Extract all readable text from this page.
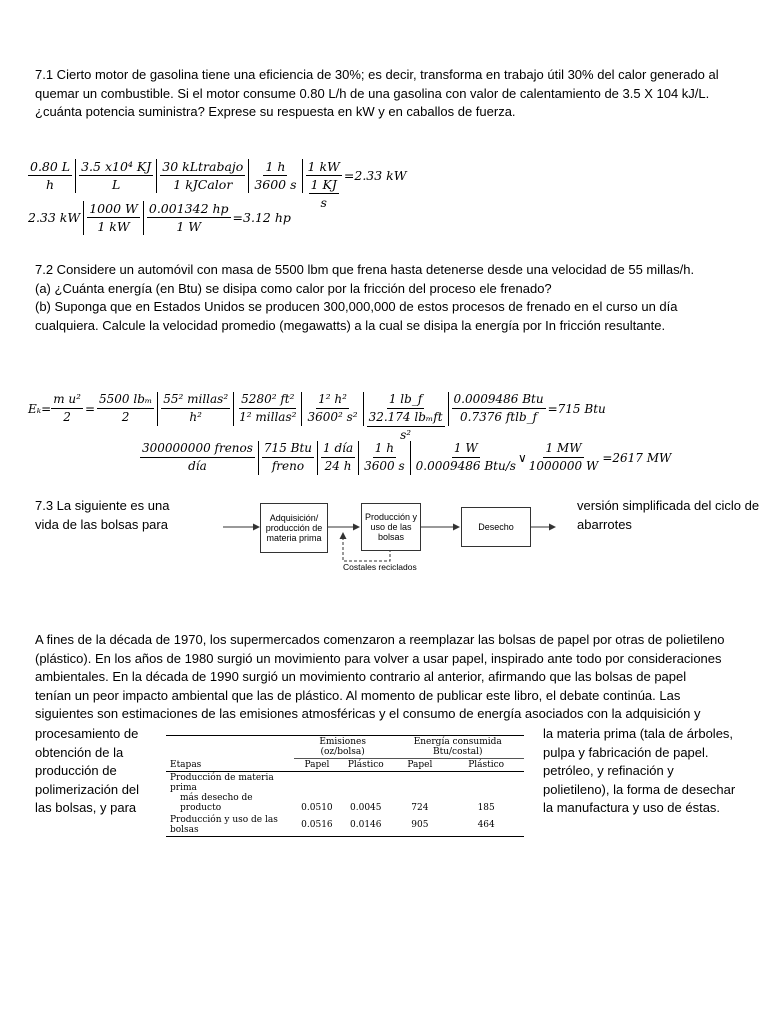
7.1 Cierto motor de gasolina tiene una eficiencia de 30%; es decir, transforma en trabajo útil 30% del calor generado al
quemar un combustible. Si el motor consume 0.80 L/h de una gasolina con valor de calentamiento de 3.5 X 104 kJ/L.
¿cuánta potencia suministra? Exprese su respuesta en kW y en caballos de fuerza.
$\frac{0.80 L}{h} \frac{\text{3.5 x10⁴ KJ}}{L} \frac{\text{30 kLtrabajo}}{\text{1 kJCalor}} \frac{1 h}{3600 s} \frac{1 kW}{\frac{1 KJ}{s}} =2.33$ kW
2.33 kW $\frac{1000 W}{1 kW} \frac{0.001342 hp}{1 W} =3.12$ hp
7.2 Considere un automóvil con masa de 5500 lbm que frena hasta detenerse desde una velocidad de 55 millas/h.
(a) ¿Cuánta energía (en Btu) se disipa como calor por la fricción del proceso ele frenado?
(b) Suponga que en Estados Unidos se producen 300,000,000 de estos procesos de frenado en el curso un día
cualquiera. Calcule la velocidad promedio (megawatts) a la cual se disipa la energía por In fricción resultante.
$E_k= \frac{\text{m u²}}{2} = \frac{\text{5500 lbₘ}}{2} \frac{\text{55² millas²}}{\text{h²}} \frac{\text{5280² ft²}}{\text{1² millas²}} \frac{\text{1² h²}}{\text{3600² s²}} \frac{1 lb\_f}{\frac{\text{32.174 lbₘft}}{\text{s²}}} \frac{\text{0.0009486 Btu}}{\text{0.7376 ftlb\_f}} =715$ Btu
$\frac{\text{300000000 frenos}}{\text{día}} \frac{\text{715 Btu}}{\text{freno}} \frac{\text{1 día}}{24 h} \frac{1 h}{3600 s} \frac{1 W}{\text{0.0009486 Btu/s}}$ ∨ $\frac{1 MW}{1000000 W} =2617$ MW
7.3 La siguiente es una
vida de las bolsas para
versión simplificada del ciclo de
abarrotes
Adquisición/ producción de materia prima
Producción y uso de las bolsas
Desecho
Costales reciclados
A fines de la década de 1970, los supermercados comenzaron a reemplazar las bolsas de papel por otras de polietileno
(plástico). En los años de 1980 surgió un movimiento para volver a usar papel, inspirado ante todo por consideraciones
ambientales. En la década de 1990 surgió un movimiento contrario al anterior, afirmando que las bolsas de papel
tenían un peor impacto ambiental que las de plástico. Al momento de publicar este libro, el debate continúa. Las
siguientes son estimaciones de las emisiones atmosféricas y el consumo de energía asociados con la adquisición y
procesamiento de
obtención de la
producción de
polimerización del
las bolsas, y para
la materia prima (tala de árboles,
pulpa y fabricación de papel.
petróleo, y refinación y
polietileno), la forma de desechar
la manufactura y uso de éstas.
	Emisiones (oz/bolsa)		Energía consumida Btu/costal)	
Etapas	Papel	Plástico	Papel	Plástico

Producción de materia prima
más desecho de producto	0.0510	0.0045	724	185
Producción y uso de las bolsas	0.0516	0.0146	905	464
